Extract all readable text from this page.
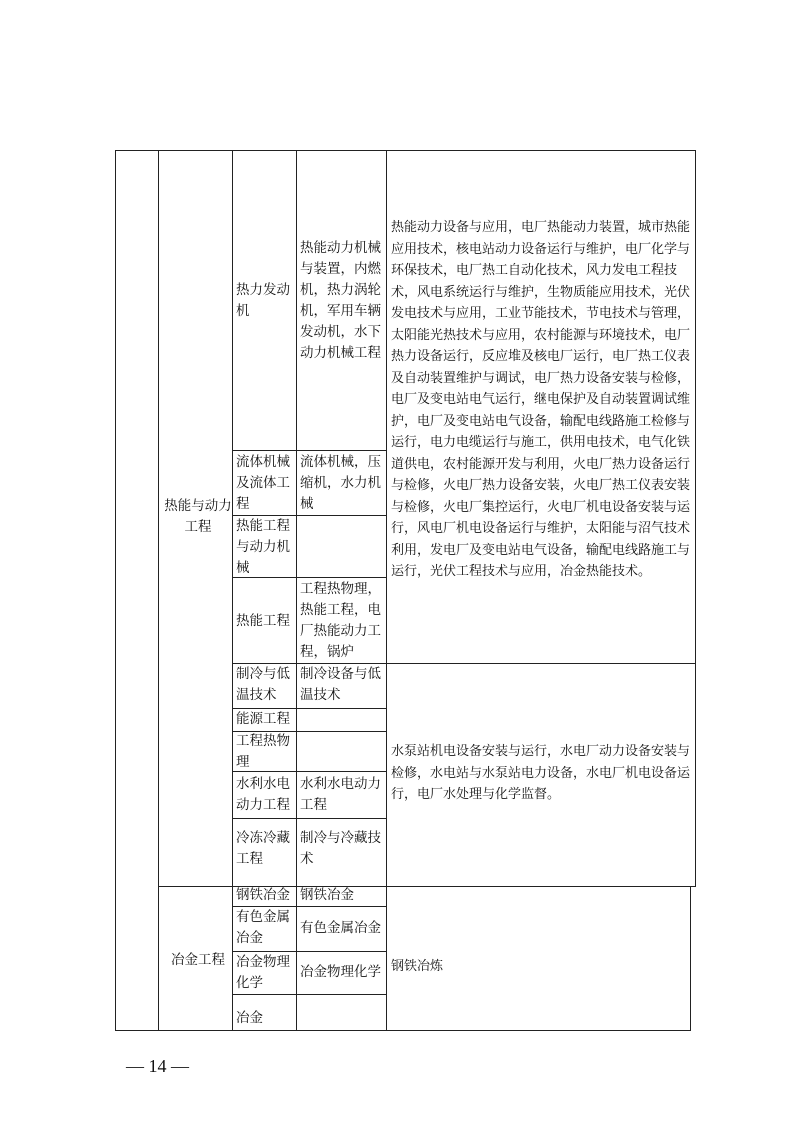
热能与动力工程
热力发动机
热能动力机械与装置，内燃机，热力涡轮机，军用车辆发动机，水下动力机械工程
流体机械及流体工程
流体机械，压缩机，水力机械
热能工程与动力机械
热能工程
工程热物理，热能工程，电厂热能动力工程，锅炉
制冷与低温技术
制冷设备与低温技术
能源工程
工程热物理
水利水电动力工程
水利水电动力工程
冷冻冷藏工程
制冷与冷藏技术
热能动力设备与应用，电厂热能动力装置，城市热能应用技术，核电站动力设备运行与维护，电厂化学与环保技术，电厂热工自动化技术，风力发电工程技术，风电系统运行与维护，生物质能应用技术，光伏发电技术与应用，工业节能技术，节电技术与管理，太阳能光热技术与应用，农村能源与环境技术，电厂热力设备运行，反应堆及核电厂运行，电厂热工仪表及自动装置维护与调试，电厂热力设备安装与检修，电厂及变电站电气运行，继电保护及自动装置调试维护，电厂及变电站电气设备，输配电线路施工检修与运行，电力电缆运行与施工，供用电技术，电气化铁道供电，农村能源开发与利用，火电厂热力设备运行与检修，火电厂热力设备安装，火电厂热工仪表安装与检修，火电厂集控运行，火电厂机电设备安装与运行，风电厂机电设备运行与维护，太阳能与沼气技术利用，发电厂及变电站电气设备，输配电线路施工与运行，光伏工程技术与应用，冶金热能技术。
水泵站机电设备安装与运行，水电厂动力设备安装与检修，水电站与水泵站电力设备，水电厂机电设备运行，电厂水处理与化学监督。
冶金工程
钢铁冶金 钢铁冶金
有色金属冶金
有色金属冶金
冶金物理化学
冶金物理化学
冶金
钢铁冶炼
— 14 —
